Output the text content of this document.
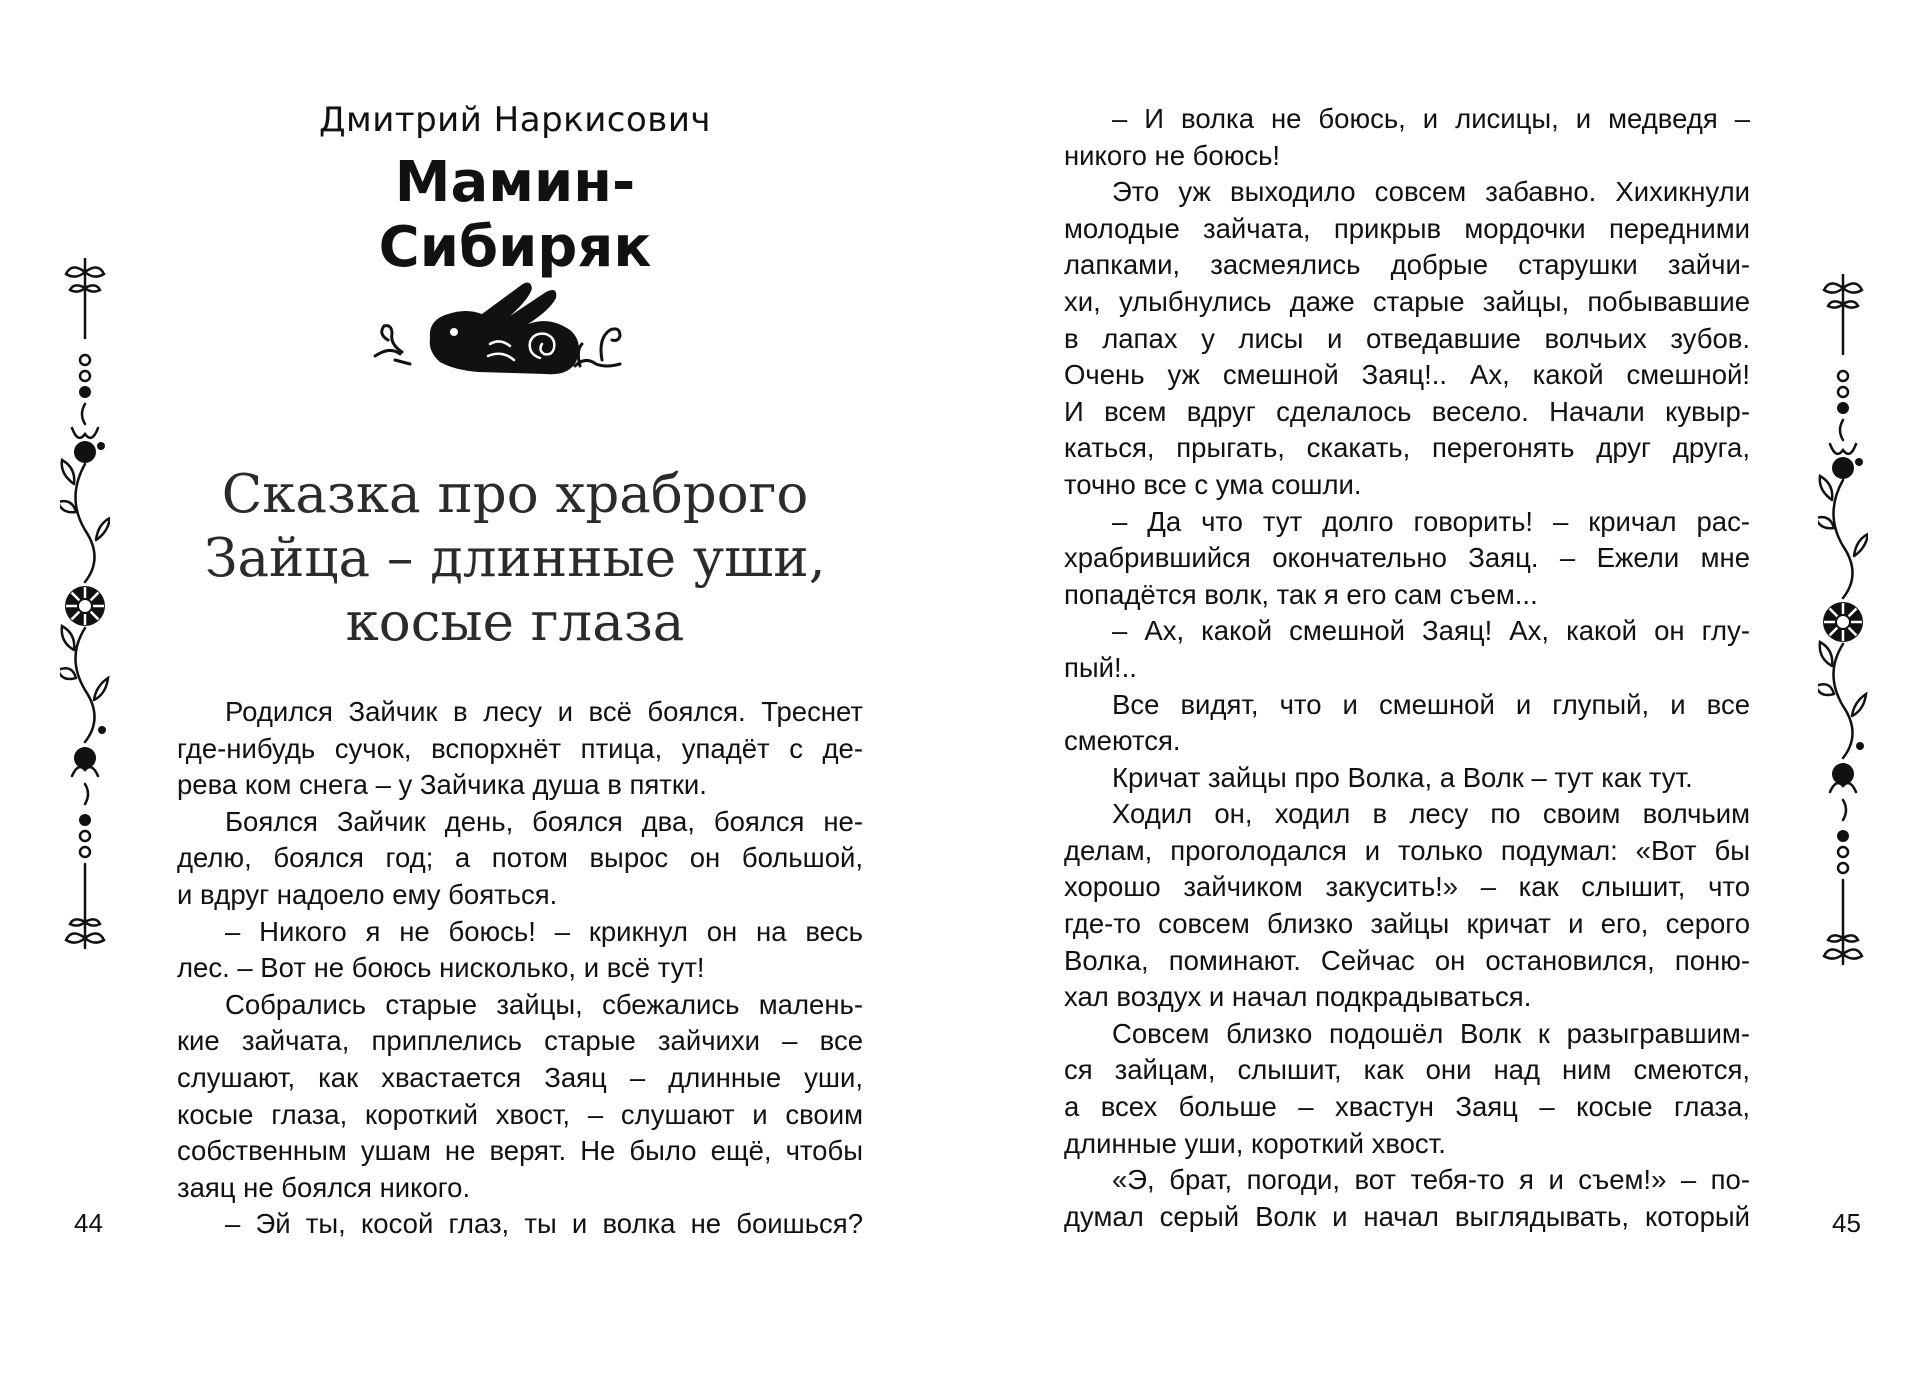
Дмитрий Наркисович
Мамин-Сибиряк
Сказка про храброго
Зайца – длинные уши,
косые глаза
Родился Зайчик в лесу и всё боялся. Треснет
где-нибудь сучок, вспорхнёт птица, упадёт с де-
рева ком снега – у Зайчика душа в пятки.
Боялся Зайчик день, боялся два, боялся не-
делю, боялся год; а потом вырос он большой,
и вдруг надоело ему бояться.
– Никого я не боюсь! – крикнул он на весь
лес. – Вот не боюсь нисколько, и всё тут!
Собрались старые зайцы, сбежались малень-
кие зайчата, приплелись старые зайчихи – все
слушают, как хвастается Заяц – длинные уши,
косые глаза, короткий хвост, – слушают и своим
собственным ушам не верят. Не было ещё, чтобы
заяц не боялся никого.
– Эй ты, косой глаз, ты и волка не боишься?
44
– И волка не боюсь, и лисицы, и медведя –
никого не боюсь!
Это уж выходило совсем забавно. Хихикнули
молодые зайчата, прикрыв мордочки передними
лапками, засмеялись добрые старушки зайчи-
хи, улыбнулись даже старые зайцы, побывавшие
в лапах у лисы и отведавшие волчьих зубов.
Очень уж смешной Заяц!.. Ах, какой смешной!
И всем вдруг сделалось весело. Начали кувыр-
каться, прыгать, скакать, перегонять друг друга,
точно все с ума сошли.
– Да что тут долго говорить! – кричал рас-
храбрившийся окончательно Заяц. – Ежели мне
попадётся волк, так я его сам съем...
– Ах, какой смешной Заяц! Ах, какой он глу-
пый!..
Все видят, что и смешной и глупый, и все
смеются.
Кричат зайцы про Волка, а Волк – тут как тут.
Ходил он, ходил в лесу по своим волчьим
делам, проголодался и только подумал: «Вот бы
хорошо зайчиком закусить!» – как слышит, что
где-то совсем близко зайцы кричат и его, серого
Волка, поминают. Сейчас он остановился, поню-
хал воздух и начал подкрадываться.
Совсем близко подошёл Волк к разыгравшим-
ся зайцам, слышит, как они над ним смеются,
а всех больше – хвастун Заяц – косые глаза,
длинные уши, короткий хвост.
«Э, брат, погоди, вот тебя-то я и съем!» – по-
думал серый Волк и начал выглядывать, который	45
